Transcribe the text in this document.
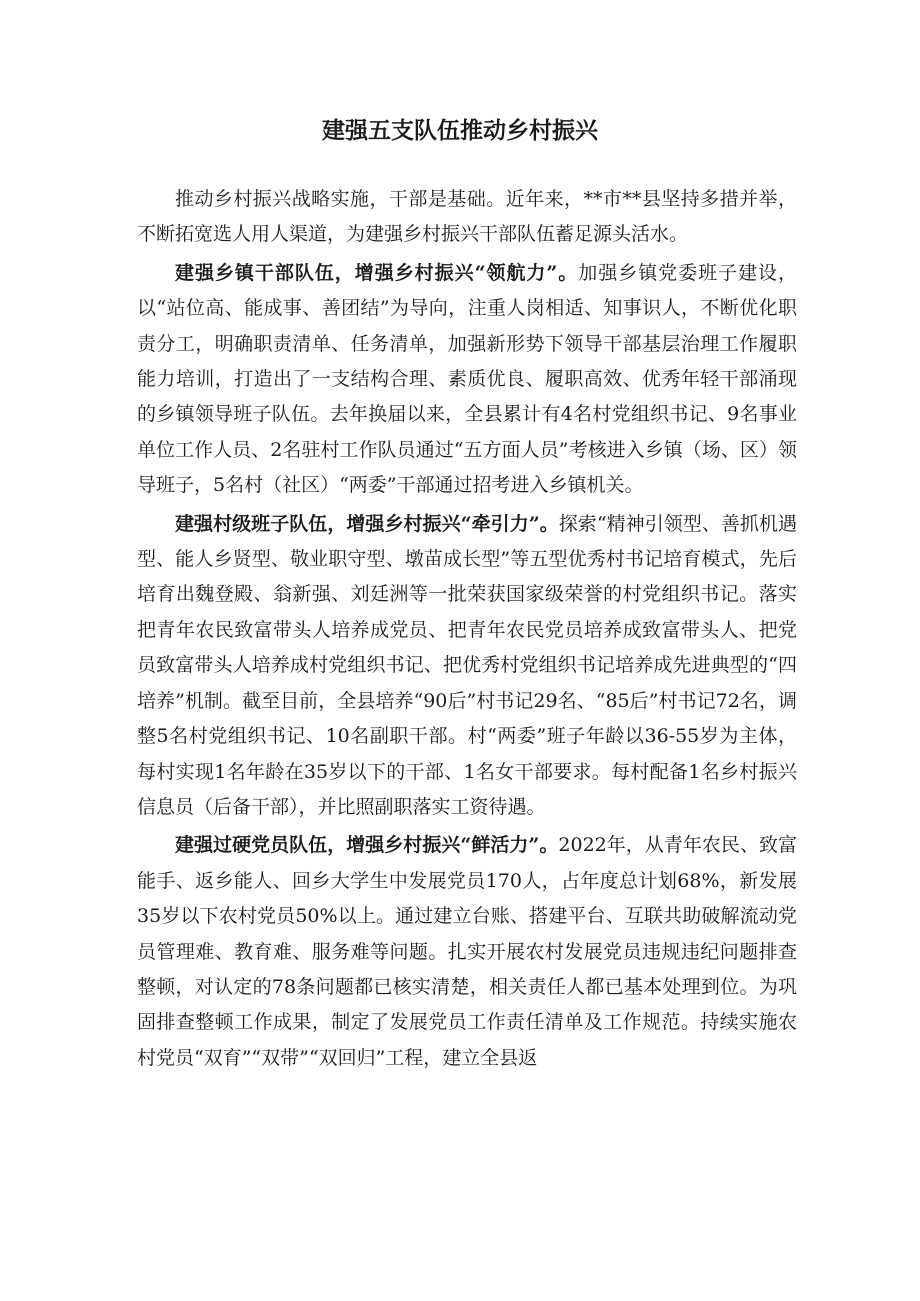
建强五支队伍推动乡村振兴

推动乡村振兴战略实施，干部是基础。近年来，**市**县坚持多措并举，不断拓宽选人用人渠道，为建强乡村振兴干部队伍蓄足源头活水。

建强乡镇干部队伍，增强乡村振兴“领航力”。加强乡镇党委班子建设，以“站位高、能成事、善团结”为导向，注重人岗相适、知事识人，不断优化职责分工，明确职责清单、任务清单，加强新形势下领导干部基层治理工作履职能力培训，打造出了一支结构合理、素质优良、履职高效、优秀年轻干部涌现的乡镇领导班子队伍。去年换届以来，全县累计有4名村党组织书记、9名事业单位工作人员、2名驻村工作队员通过“五方面人员”考核进入乡镇（场、区）领导班子，5名村（社区）“两委”干部通过招考进入乡镇机关。

建强村级班子队伍，增强乡村振兴“牵引力”。探索“精神引领型、善抓机遇型、能人乡贤型、敬业职守型、墩苗成长型”等五型优秀村书记培育模式，先后培育出魏登殿、翁新强、刘廷洲等一批荣获国家级荣誉的村党组织书记。落实把青年农民致富带头人培养成党员、把青年农民党员培养成致富带头人、把党员致富带头人培养成村党组织书记、把优秀村党组织书记培养成先进典型的“四培养”机制。截至目前，全县培养“90后”村书记29名、“85后”村书记72名，调整5名村党组织书记、10名副职干部。村“两委”班子年龄以36-55岁为主体，每村实现1名年龄在35岁以下的干部、1名女干部要求。每村配备1名乡村振兴信息员（后备干部），并比照副职落实工资待遇。

建强过硬党员队伍，增强乡村振兴“鲜活力”。2022年，从青年农民、致富能手、返乡能人、回乡大学生中发展党员170人，占年度总计划68%，新发展35岁以下农村党员50%以上。通过建立台账、搭建平台、互联共助破解流动党员管理难、教育难、服务难等问题。扎实开展农村发展党员违规违纪问题排查整顿，对认定的78条问题都已核实清楚，相关责任人都已基本处理到位。为巩固排查整顿工作成果，制定了发展党员工作责任清单及工作规范。持续实施农村党员“双育”“双带”“双回归”工程，建立全县返
